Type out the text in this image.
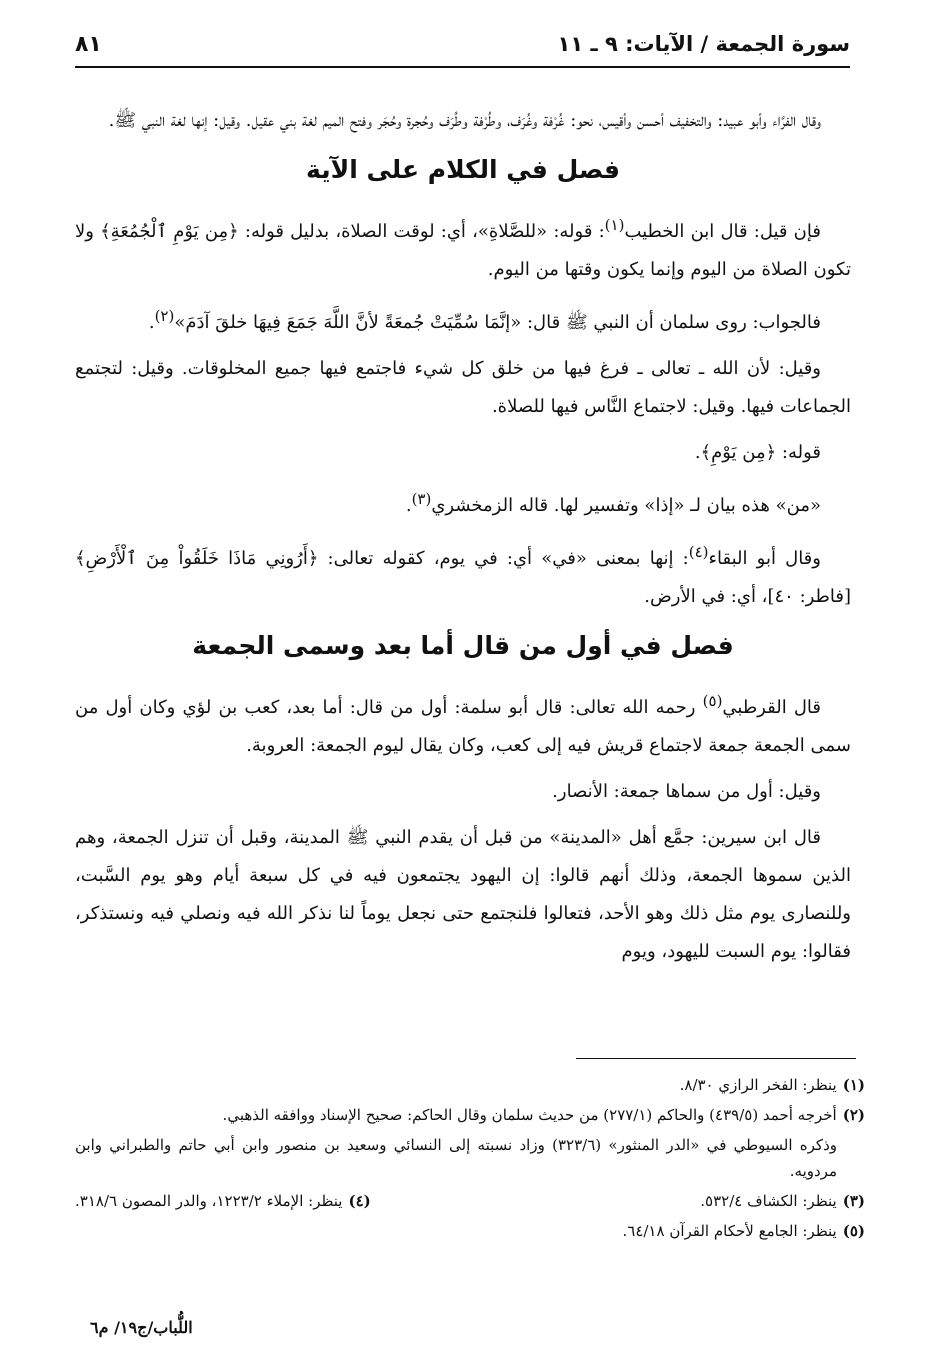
سورة الجمعة / الآيات: ٩ ـ ١١
٨١

وقال الفرَّاء وأبو عبيد: والتخفيف أحسن وأقيس، نحو: غُرْفة وغُرَف، وطُرْفة وطُرَف وحُجرة وحُجَر وفتح الميم لغة بني عقيل. وقيل: إنها لغة النبي ﷺ.

فصل في الكلام على الآية

فإن قيل: قال ابن الخطيب$^{(١)}$: قوله: «للصَّلاةِ»، أي: لوقت الصلاة، بدليل قوله: ﴿مِن يَوْمِ ٱلْجُمُعَةِ﴾ ولا تكون الصلاة من اليوم وإنما يكون وقتها من اليوم.

فالجواب: روى سلمان أن النبي ﷺ قال: «إنَّمَا سُمِّيَتْ جُمعَةً لأنَّ اللَّهَ جَمَعَ فِيهَا خلقَ آدَمَ»$^{(٢)}$.

وقيل: لأن الله ـ تعالى ـ فرغ فيها من خلق كل شيء فاجتمع فيها جميع المخلوقات. وقيل: لتجتمع الجماعات فيها. وقيل: لاجتماع النَّاس فيها للصلاة.

قوله: ﴿مِن يَوْمِ﴾.

«من» هذه بيان لـ «إذا» وتفسير لها. قاله الزمخشري$^{(٣)}$.

وقال أبو البقاء$^{(٤)}$: إنها بمعنى «في» أي: في يوم، كقوله تعالى: ﴿أَرُونِي مَاذَا خَلَقُواْ مِنَ ٱلْأَرْضِ﴾ [فاطر: ٤٠]، أي: في الأرض.

فصل في أول من قال أما بعد وسمى الجمعة

قال القرطبي$^{(٥)}$ رحمه الله تعالى: قال أبو سلمة: أول من قال: أما بعد، كعب بن لؤي وكان أول من سمى الجمعة جمعة لاجتماع قريش فيه إلى كعب، وكان يقال ليوم الجمعة: العروبة.

وقيل: أول من سماها جمعة: الأنصار.

قال ابن سيرين: جمَّع أهل «المدينة» من قبل أن يقدم النبي ﷺ المدينة، وقبل أن تنزل الجمعة، وهم الذين سموها الجمعة، وذلك أنهم قالوا: إن اليهود يجتمعون فيه في كل سبعة أيام وهو يوم السَّبت، وللنصارى يوم مثل ذلك وهو الأحد، فتعالوا فلنجتمع حتى نجعل يوماً لنا نذكر الله فيه ونصلي فيه ونستذكر، فقالوا: يوم السبت لليهود، ويوم

(١)ينظر: الفخر الرازي ٨/٣٠.
(٢)أخرجه أحمد (٤٣٩/٥) والحاكم (٢٧٧/١) من حديث سلمان وقال الحاكم: صحيح الإسناد ووافقه الذهبي.
وذكره السيوطي في «الدر المنثور» (٣٢٣/٦) وزاد نسبته إلى النسائي وسعيد بن منصور وابن أبي حاتم والطبراني وابن مردويه.
(٣)ينظر: الكشاف ٥٣٢/٤.
(٤)ينظر: الإملاء ١٢٢٣/٢، والدر المصون ٣١٨/٦.
(٥)ينظر: الجامع لأحكام القرآن ٦٤/١٨.
اللُّباب/ج١٩/ م٦
